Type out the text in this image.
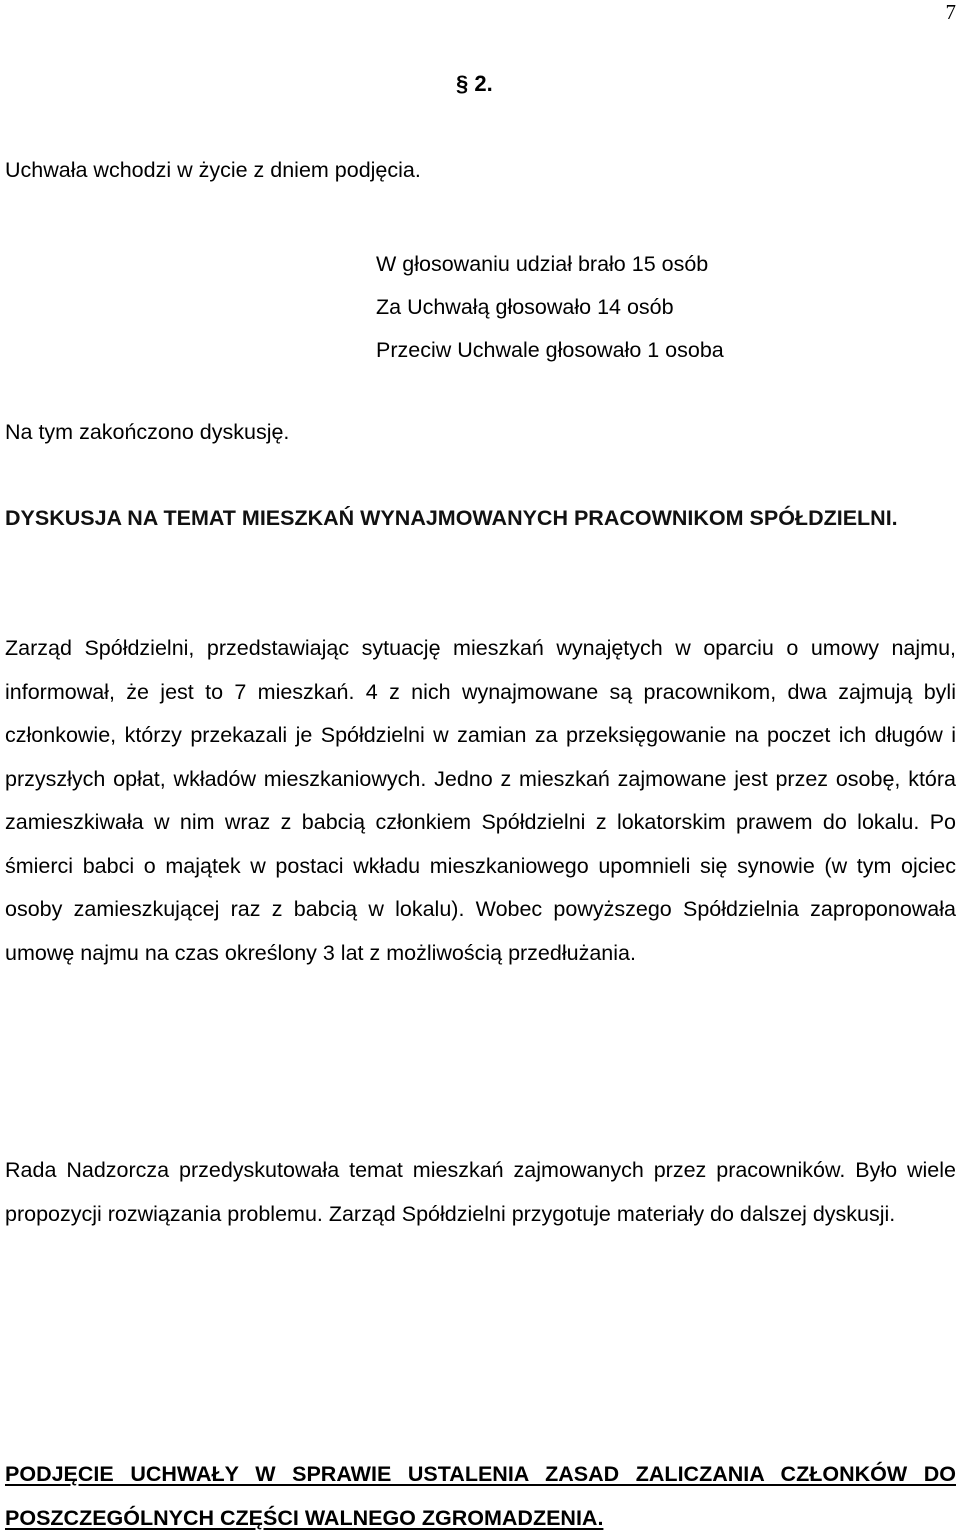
7
§ 2.
Uchwała wchodzi w życie z dniem podjęcia.
W głosowaniu udział brało 15 osób
Za Uchwałą głosowało 14 osób
Przeciw Uchwale głosowało 1 osoba
Na tym zakończono dyskusję.
DYSKUSJA NA TEMAT MIESZKAŃ WYNAJMOWANYCH PRACOWNIKOM SPÓŁDZIELNI.
Zarząd Spółdzielni, przedstawiając sytuację mieszkań wynajętych w oparciu o umowy najmu, informował, że jest to 7 mieszkań. 4 z nich wynajmowane są pracownikom, dwa zajmują byli członkowie, którzy przekazali je Spółdzielni w zamian za przeksięgowanie na poczet ich długów i przyszłych opłat, wkładów mieszkaniowych. Jedno z mieszkań zajmowane jest przez osobę, która zamieszkiwała w nim wraz z babcią członkiem Spółdzielni z lokatorskim prawem do lokalu. Po śmierci babci o majątek w postaci wkładu mieszkaniowego upomnieli się synowie (w tym ojciec osoby zamieszkującej raz z babcią w lokalu). Wobec powyższego Spółdzielnia zaproponowała umowę najmu na czas określony 3 lat z możliwością przedłużania.
Rada Nadzorcza przedyskutowała temat mieszkań zajmowanych przez pracowników. Było wiele propozycji rozwiązania problemu. Zarząd Spółdzielni przygotuje materiały do dalszej dyskusji.
PODJĘCIE UCHWAŁY W SPRAWIE USTALENIA ZASAD ZALICZANIA CZŁONKÓW DO POSZCZEGÓLNYCH CZĘŚCI WALNEGO ZGROMADZENIA.
